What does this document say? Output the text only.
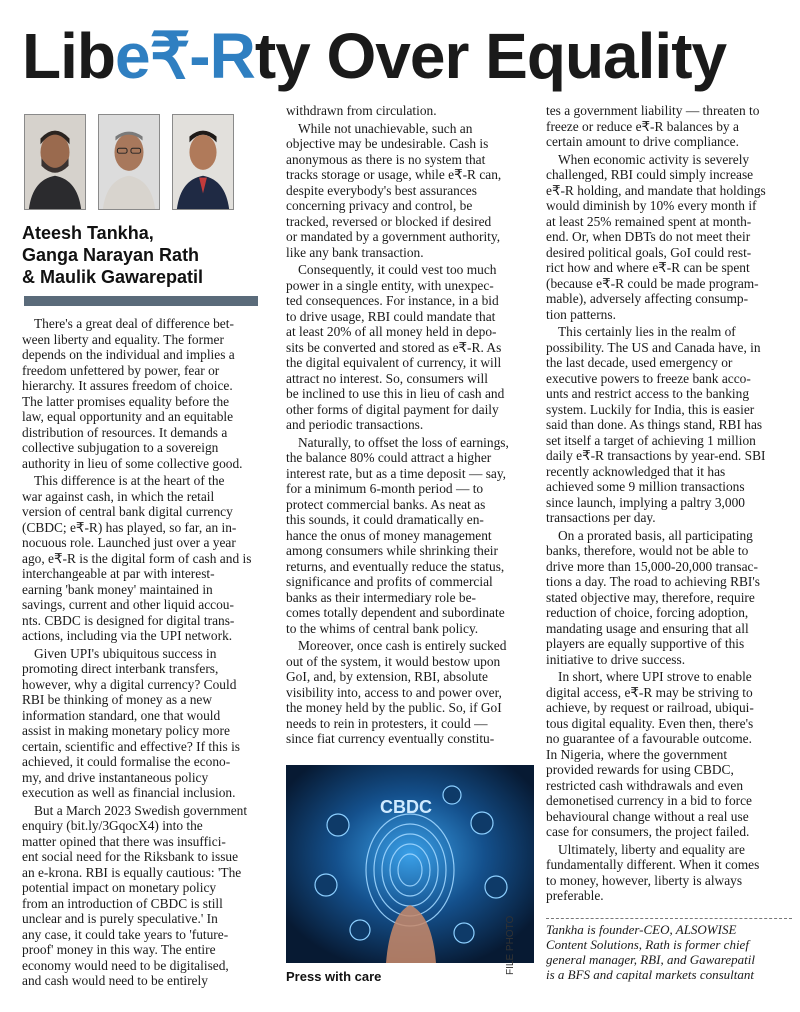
Libe₹-Rty Over Equality
Ateesh Tankha,
Ganga Narayan Rath
& Maulik Gawarepatil

There's a great deal of difference bet-
ween liberty and equality. The former
depends on the individual and implies a
freedom unfettered by power, fear or
hierarchy. It assures freedom of choice.
The latter promises equality before the
law, equal opportunity and an equitable
distribution of resources. It demands a
collective subjugation to a sovereign
authority in lieu of some collective good.

This difference is at the heart of the
war against cash, in which the retail
version of central bank digital currency
(CBDC; e₹-R) has played, so far, an in-
nocuous role. Launched just over a year
ago, e₹-R is the digital form of cash and is
interchangeable at par with interest-
earning 'bank money' maintained in
savings, current and other liquid accou-
nts. CBDC is designed for digital trans-
actions, including via the UPI network.

Given UPI's ubiquitous success in
promoting direct interbank transfers,
however, why a digital currency? Could
RBI be thinking of money as a new
information standard, one that would
assist in making monetary policy more
certain, scientific and effective? If this is
achieved, it could formalise the econo-
my, and drive instantaneous policy
execution as well as financial inclusion.

But a March 2023 Swedish government
enquiry (bit.ly/3GqocX4) into the
matter opined that there was insuffici-
ent social need for the Riksbank to issue
an e-krona. RBI is equally cautious: 'The
potential impact on monetary policy
from an introduction of CBDC is still
unclear and is purely speculative.' In
any case, it could take years to 'future-
proof' money in this way. The entire
economy would need to be digitalised,
and cash would need to be entirely

withdrawn from circulation.

While not unachievable, such an
objective may be undesirable. Cash is
anonymous as there is no system that
tracks storage or usage, while e₹-R can,
despite everybody's best assurances
concerning privacy and control, be
tracked, reversed or blocked if desired
or mandated by a government authority,
like any bank transaction.

Consequently, it could vest too much
power in a single entity, with unexpec-
ted consequences. For instance, in a bid
to drive usage, RBI could mandate that
at least 20% of all money held in depo-
sits be converted and stored as e₹-R. As
the digital equivalent of currency, it will
attract no interest. So, consumers will
be inclined to use this in lieu of cash and
other forms of digital payment for daily
and periodic transactions.

Naturally, to offset the loss of earnings,
the balance 80% could attract a higher
interest rate, but as a time deposit — say,
for a minimum 6-month period — to
protect commercial banks. As neat as
this sounds, it could dramatically en-
hance the onus of money management
among consumers while shrinking their
returns, and eventually reduce the status,
significance and profits of commercial
banks as their intermediary role be-
comes totally dependent and subordinate
to the whims of central bank policy.

Moreover, once cash is entirely sucked
out of the system, it would bestow upon
GoI, and, by extension, RBI, absolute
visibility into, access to and power over,
the money held by the public. So, if GoI
needs to rein in protesters, it could —
since fiat currency eventually constitu-

CBDC
Press with care
FILE PHOTO

tes a government liability — threaten to
freeze or reduce e₹-R balances by a
certain amount to drive compliance.

When economic activity is severely
challenged, RBI could simply increase
e₹-R holding, and mandate that holdings
would diminish by 10% every month if
at least 25% remained spent at month-
end. Or, when DBTs do not meet their
desired political goals, GoI could rest-
rict how and where e₹-R can be spent
(because e₹-R could be made program-
mable), adversely affecting consump-
tion patterns.

This certainly lies in the realm of
possibility. The US and Canada have, in
the last decade, used emergency or
executive powers to freeze bank acco-
unts and restrict access to the banking
system. Luckily for India, this is easier
said than done. As things stand, RBI has
set itself a target of achieving 1 million
daily e₹-R transactions by year-end. SBI
recently acknowledged that it has
achieved some 9 million transactions
since launch, implying a paltry 3,000
transactions per day.

On a prorated basis, all participating
banks, therefore, would not be able to
drive more than 15,000-20,000 transac-
tions a day. The road to achieving RBI's
stated objective may, therefore, require
reduction of choice, forcing adoption,
mandating usage and ensuring that all
players are equally supportive of this
initiative to drive success.

In short, where UPI strove to enable
digital access, e₹-R may be striving to
achieve, by request or railroad, ubiqui-
tous digital equality. Even then, there's
no guarantee of a favourable outcome.
In Nigeria, where the government
provided rewards for using CBDC,
restricted cash withdrawals and even
demonetised currency in a bid to force
behavioural change without a real use
case for consumers, the project failed.

Ultimately, liberty and equality are
fundamentally different. When it comes
to money, however, liberty is always
preferable.

Tankha is founder-CEO, ALSOWISE
Content Solutions, Rath is former chief
general manager, RBI, and Gawarepatil
is a BFS and capital markets consultant
